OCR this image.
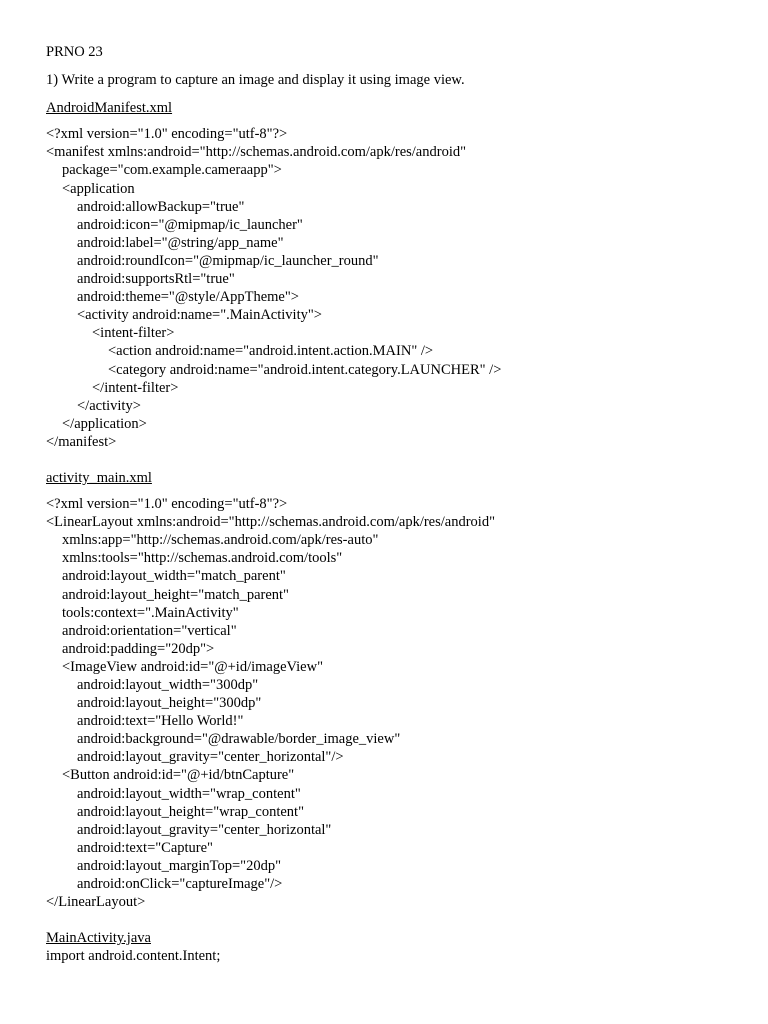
PRNO 23
1) Write a program to capture an image and display it using image view.
AndroidManifest.xml
<?xml version="1.0" encoding="utf-8"?>
<manifest xmlns:android="http://schemas.android.com/apk/res/android"
package="com.example.cameraapp">
<application
android:allowBackup="true"
android:icon="@mipmap/ic_launcher"
android:label="@string/app_name"
android:roundIcon="@mipmap/ic_launcher_round"
android:supportsRtl="true"
android:theme="@style/AppTheme">
<activity android:name=".MainActivity">
<intent-filter>
<action android:name="android.intent.action.MAIN" />
<category android:name="android.intent.category.LAUNCHER" />
</intent-filter>
</activity>
</application>
</manifest>
activity_main.xml
<?xml version="1.0" encoding="utf-8"?>
<LinearLayout xmlns:android="http://schemas.android.com/apk/res/android"
xmlns:app="http://schemas.android.com/apk/res-auto"
xmlns:tools="http://schemas.android.com/tools"
android:layout_width="match_parent"
android:layout_height="match_parent"
tools:context=".MainActivity"
android:orientation="vertical"
android:padding="20dp">
<ImageView android:id="@+id/imageView"
android:layout_width="300dp"
android:layout_height="300dp"
android:text="Hello World!"
android:background="@drawable/border_image_view"
android:layout_gravity="center_horizontal"/>
<Button android:id="@+id/btnCapture"
android:layout_width="wrap_content"
android:layout_height="wrap_content"
android:layout_gravity="center_horizontal"
android:text="Capture"
android:layout_marginTop="20dp"
android:onClick="captureImage"/>
</LinearLayout>
MainActivity.java
import android.content.Intent;
